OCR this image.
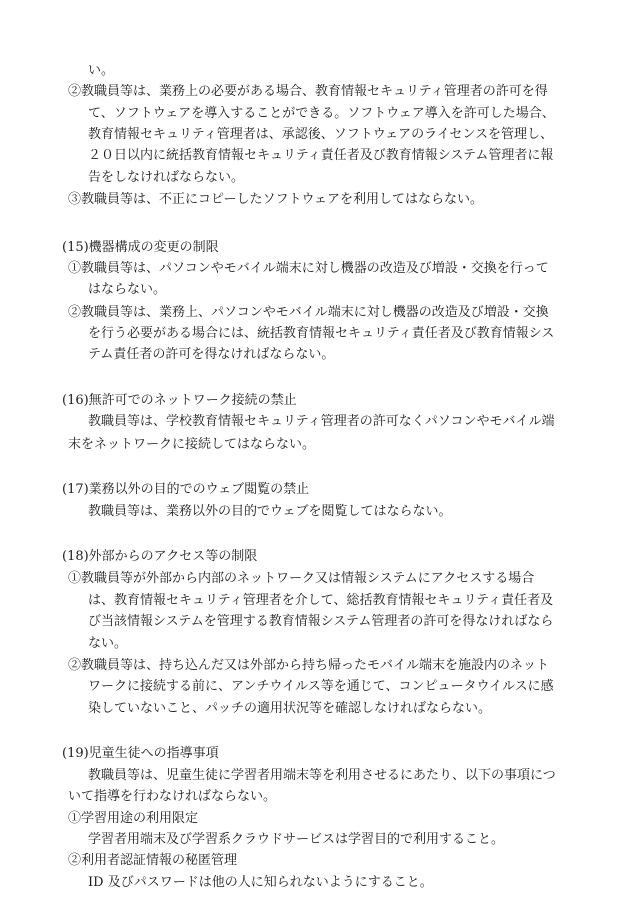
い。
②教職員等は、業務上の必要がある場合、教育情報セキュリティ管理者の許可を得
て、ソフトウェアを導入することができる。ソフトウェア導入を許可した場合、
教育情報セキュリティ管理者は、承認後、ソフトウェアのライセンスを管理し、
２０日以内に統括教育情報セキュリティ責任者及び教育情報システム管理者に報
告をしなければならない。
③教職員等は、不正にコピーしたソフトウェアを利用してはならない。
(15)機器構成の変更の制限
①教職員等は、パソコンやモバイル端末に対し機器の改造及び増設・交換を行って
はならない。
②教職員等は、業務上、パソコンやモバイル端末に対し機器の改造及び増設・交換
を行う必要がある場合には、統括教育情報セキュリティ責任者及び教育情報シス
テム責任者の許可を得なければならない。
(16)無許可でのネットワーク接続の禁止
教職員等は、学校教育情報セキュリティ管理者の許可なくパソコンやモバイル端
末をネットワークに接続してはならない。
(17)業務以外の目的でのウェブ閲覧の禁止
教職員等は、業務以外の目的でウェブを閲覧してはならない。
(18)外部からのアクセス等の制限
①教職員等が外部から内部のネットワーク又は情報システムにアクセスする場合
は、教育情報セキュリティ管理者を介して、総括教育情報セキュリティ責任者及
び当該情報システムを管理する教育情報システム管理者の許可を得なければなら
ない。
②教職員等は、持ち込んだ又は外部から持ち帰ったモバイル端末を施設内のネット
ワークに接続する前に、アンチウイルス等を通じて、コンピュータウイルスに感
染していないこと、パッチの適用状況等を確認しなければならない。
(19)児童生徒への指導事項
教職員等は、児童生徒に学習者用端末等を利用させるにあたり、以下の事項につ
いて指導を行わなければならない。
①学習用途の利用限定
学習者用端末及び学習系クラウドサービスは学習目的で利用すること。
②利用者認証情報の秘匿管理
ID 及びパスワードは他の人に知られないようにすること。
